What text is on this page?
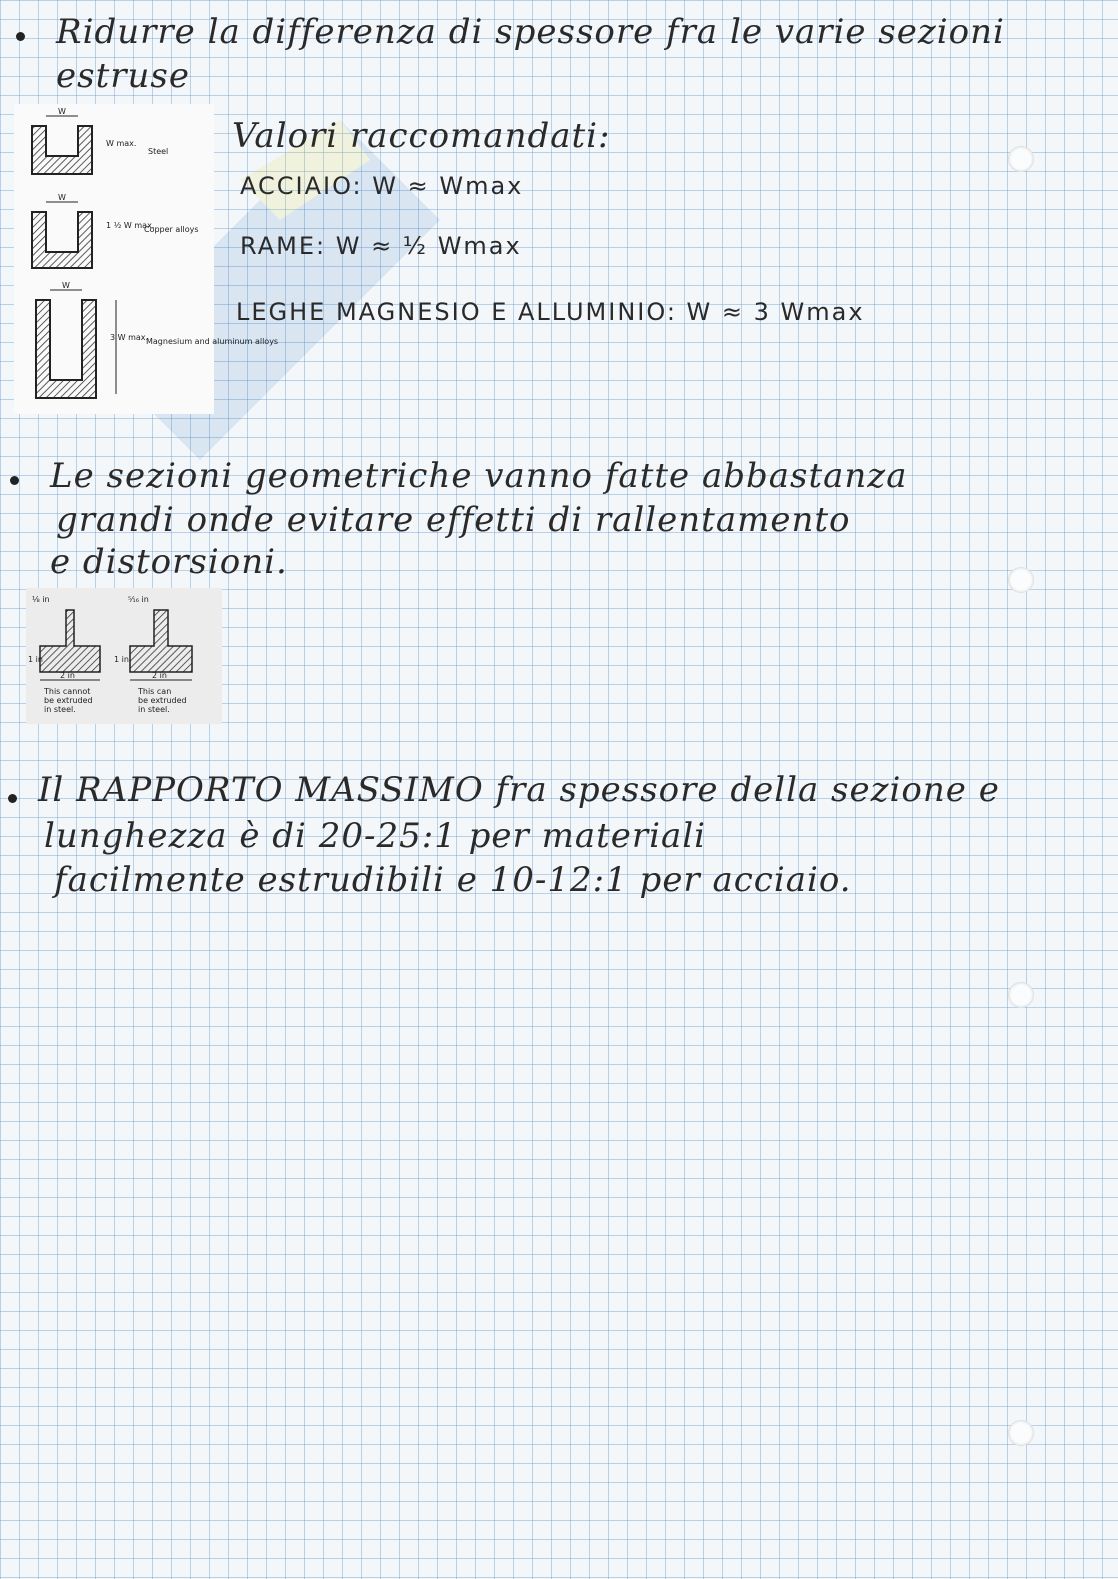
Ridurre la differenza di spessore fra le varie sezioni
estruse
W
W max.
Steel
W
1 ½ W max.
Copper alloys
W
3 W max.
Magnesium and aluminum alloys
Valori raccomandati:
ACCIAIO: W ≈ Wmax
RAME: W ≈ ½ Wmax
LEGHE MAGNESIO E ALLUMINIO: W ≈ 3 Wmax
Le sezioni geometriche vanno fatte abbastanza
grandi onde evitare effetti di rallentamento
e distorsioni.
⅛ in	⁵⁄₁₆ in
1 in
2 in
This cannot
be extruded
in steel.
1 in
2 in
This can
be extruded
in steel.
Il RAPPORTO MASSIMO fra spessore della sezione e
lunghezza è di 20-25:1 per materiali
facilmente estrudibili e 10-12:1 per acciaio.
